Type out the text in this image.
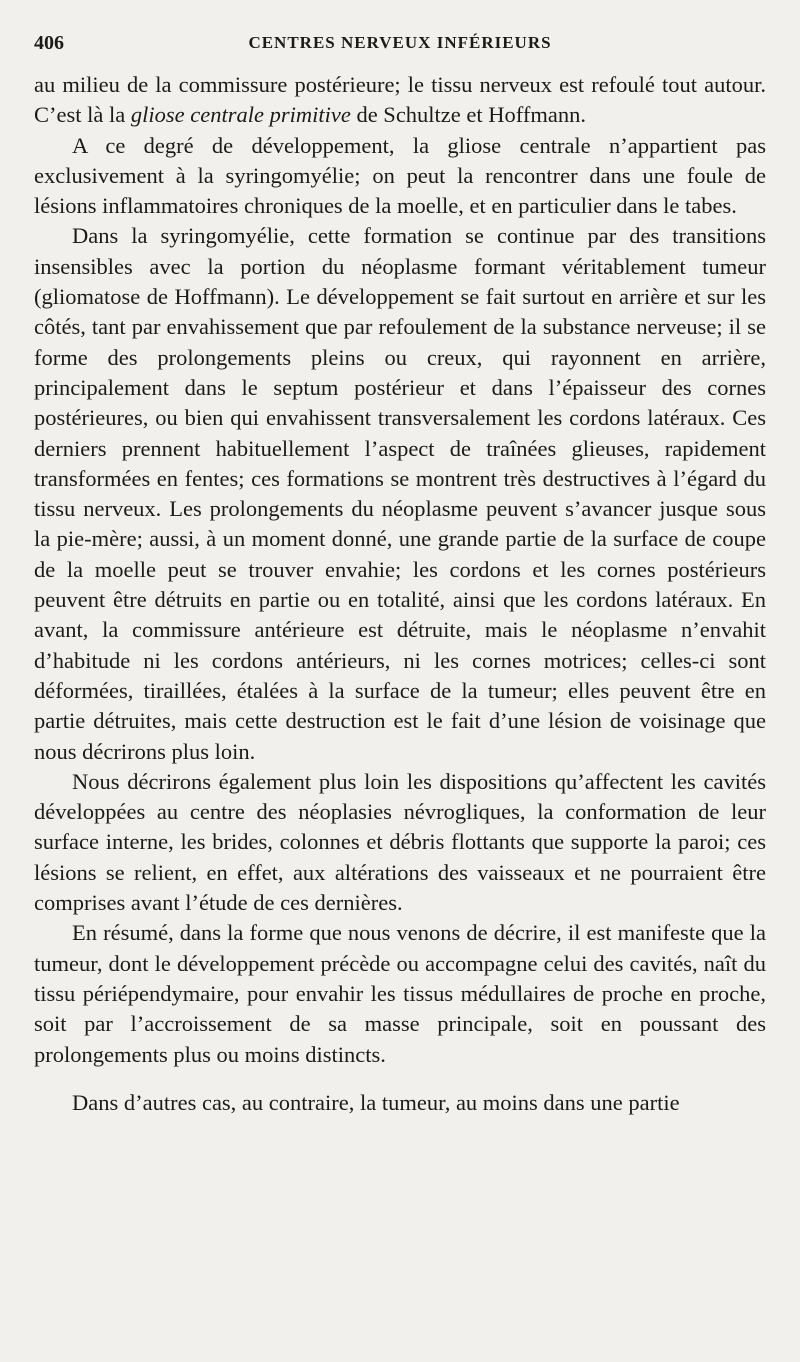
406	CENTRES NERVEUX INFÉRIEURS

au milieu de la commissure postérieure; le tissu nerveux est refoulé tout autour. C’est là la gliose centrale primitive de Schultze et Hoffmann.

A ce degré de développement, la gliose centrale n’appartient pas exclusivement à la syringomyélie; on peut la rencontrer dans une foule de lésions inflammatoires chroniques de la moelle, et en particulier dans le tabes.

Dans la syringomyélie, cette formation se continue par des transitions insensibles avec la portion du néoplasme formant véritablement tumeur (gliomatose de Hoffmann). Le développement se fait surtout en arrière et sur les côtés, tant par envahissement que par refoulement de la substance nerveuse; il se forme des prolongements pleins ou creux, qui rayonnent en arrière, principalement dans le septum postérieur et dans l’épaisseur des cornes postérieures, ou bien qui envahissent transversalement les cordons latéraux. Ces derniers prennent habituellement l’aspect de traînées glieuses, rapidement transformées en fentes; ces formations se montrent très destructives à l’égard du tissu nerveux. Les prolongements du néoplasme peuvent s’avancer jusque sous la pie-mère; aussi, à un moment donné, une grande partie de la surface de coupe de la moelle peut se trouver envahie; les cordons et les cornes postérieurs peuvent être détruits en partie ou en totalité, ainsi que les cordons latéraux. En avant, la commissure antérieure est détruite, mais le néoplasme n’envahit d’habitude ni les cordons antérieurs, ni les cornes motrices; celles-ci sont déformées, tiraillées, étalées à la surface de la tumeur; elles peuvent être en partie détruites, mais cette destruction est le fait d’une lésion de voisinage que nous décrirons plus loin.

Nous décrirons également plus loin les dispositions qu’affectent les cavités développées au centre des néoplasies névrogliques, la conformation de leur surface interne, les brides, colonnes et débris flottants que supporte la paroi; ces lésions se relient, en effet, aux altérations des vaisseaux et ne pourraient être comprises avant l’étude de ces dernières.

En résumé, dans la forme que nous venons de décrire, il est manifeste que la tumeur, dont le développement précède ou accompagne celui des cavités, naît du tissu périépendymaire, pour envahir les tissus médullaires de proche en proche, soit par l’accroissement de sa masse principale, soit en poussant des prolongements plus ou moins distincts.

Dans d’autres cas, au contraire, la tumeur, au moins dans une partie
